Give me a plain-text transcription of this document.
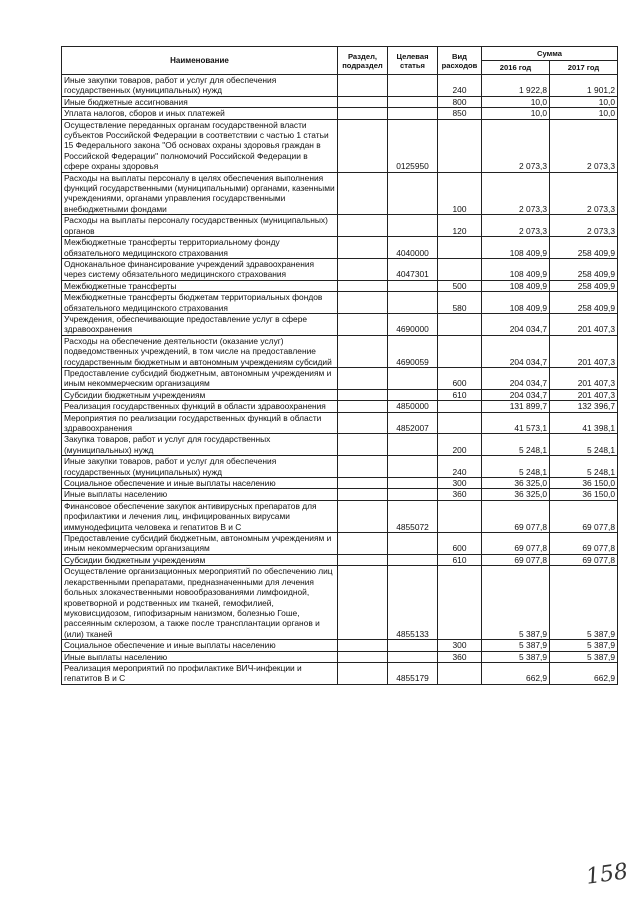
Наименование	Раздел, подраздел	Целевая статья	Вид расходов	Сумма	
				2016 год	2017 год
Иные закупки товаров, работ и услуг для обеспечения государственных (муниципальных) нужд			240	1 922,8	1 901,2
Иные бюджетные ассигнования			800	10,0	10,0
Уплата налогов, сборов и иных платежей			850	10,0	10,0
Осуществление переданных органам государственной власти субъектов Российской Федерации в соответствии с частью 1 статьи 15 Федерального закона "Об основах охраны здоровья граждан в Российской Федерации" полномочий Российской Федерации в сфере охраны здоровья		0125950		2 073,3	2 073,3
Расходы на выплаты персоналу в целях обеспечения выполнения функций государственными (муниципальными) органами, казенными учреждениями, органами управления государственными внебюджетными фондами			100	2 073,3	2 073,3
Расходы на выплаты персоналу государственных (муниципальных) органов			120	2 073,3	2 073,3
Межбюджетные трансферты территориальному фонду обязательного медицинского страхования		4040000		108 409,9	258 409,9
Одноканальное финансирование учреждений здравоохранения через систему обязательного медицинского страхования		4047301		108 409,9	258 409,9
Межбюджетные трансферты			500	108 409,9	258 409,9
Межбюджетные трансферты бюджетам территориальных фондов обязательного медицинского страхования			580	108 409,9	258 409,9
Учреждения, обеспечивающие предоставление услуг в сфере здравоохранения		4690000		204 034,7	201 407,3
Расходы на обеспечение деятельности (оказание услуг) подведомственных учреждений, в том числе на предоставление государственным бюджетным и автономным учреждениям субсидий		4690059		204 034,7	201 407,3
Предоставление субсидий бюджетным, автономным учреждениям и иным некоммерческим организациям			600	204 034,7	201 407,3
Субсидии бюджетным учреждениям			610	204 034,7	201 407,3
Реализация государственных функций в области здравоохранения		4850000		131 899,7	132 396,7
Мероприятия по реализации государственных функций в области здравоохранения		4852007		41 573,1	41 398,1
Закупка товаров, работ и услуг для государственных (муниципальных) нужд			200	5 248,1	5 248,1
Иные закупки товаров, работ и услуг для обеспечения государственных (муниципальных) нужд			240	5 248,1	5 248,1
Социальное обеспечение и иные выплаты населению			300	36 325,0	36 150,0
Иные выплаты населению			360	36 325,0	36 150,0
Финансовое обеспечение закупок антивирусных препаратов для профилактики и лечения лиц, инфицированных вирусами иммунодефицита человека и гепатитов В и С		4855072		69 077,8	69 077,8
Предоставление субсидий бюджетным, автономным учреждениям и иным некоммерческим организациям			600	69 077,8	69 077,8
Субсидии бюджетным учреждениям			610	69 077,8	69 077,8
Осуществление организационных мероприятий по обеспечению лиц лекарственными препаратами, предназначенными для лечения больных злокачественными новообразованиями лимфоидной, кроветворной и родственных им тканей, гемофилией, муковисцидозом, гипофизарным нанизмом, болезнью Гоше, рассеянным склерозом, а также после трансплантации органов и (или) тканей		4855133		5 387,9	5 387,9
Социальное обеспечение и иные выплаты населению			300	5 387,9	5 387,9
Иные выплаты населению			360	5 387,9	5 387,9
Реализация мероприятий по профилактике ВИЧ-инфекции и гепатитов В и С		4855179		662,9	662,9
158
